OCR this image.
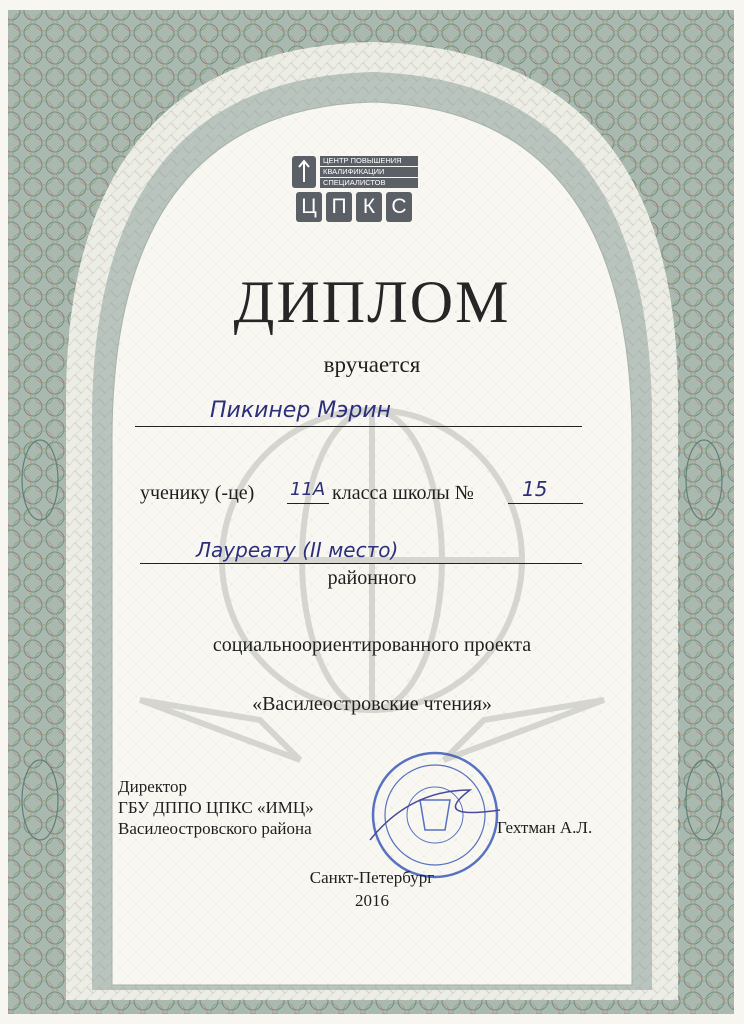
ЦЕНТР ПОВЫШЕНИЯ
КВАЛИФИКАЦИИ
СПЕЦИАЛИСТОВ
Ц П К С
ДИПЛОМ
вручается
Пикинер Мэрин
ученику (-це) 11А класса школы № 15
Лауреату (II место)
районного
социальноориентированного проекта
«Василеостровские чтения»
Директор
ГБУ ДППО ЦПКС «ИМЦ»
Василеостровского района	Гехтман А.Л.
Санкт-Петербург
2016
